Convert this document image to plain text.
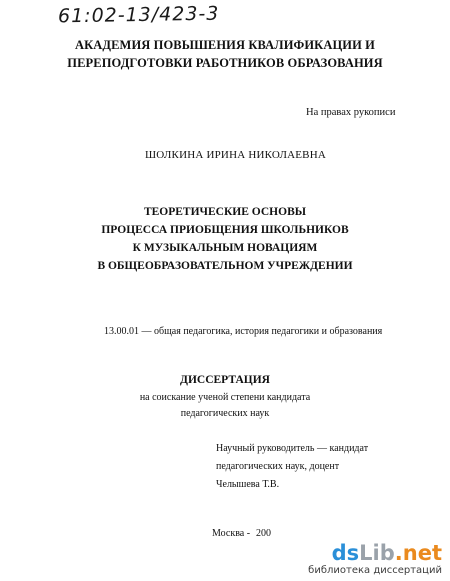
61:02-13/423-3
АКАДЕМИЯ ПОВЫШЕНИЯ КВАЛИФИКАЦИИ И
ПЕРЕПОДГОТОВКИ РАБОТНИКОВ ОБРАЗОВАНИЯ
На правах рукописи
ШОЛКИНА ИРИНА НИКОЛАЕВНА
ТЕОРЕТИЧЕСКИЕ ОСНОВЫ
ПРОЦЕССА ПРИОБЩЕНИЯ ШКОЛЬНИКОВ
К МУЗЫКАЛЬНЫМ НОВАЦИЯМ
В ОБЩЕОБРАЗОВАТЕЛЬНОМ УЧРЕЖДЕНИИ
13.00.01 — общая педагогика, история педагогики и образования
ДИССЕРТАЦИЯ
на соискание ученой степени кандидата
педагогических наук
Научный руководитель — кандидат
педагогических наук, доцент
Челышева Т.В.
Москва - 200
dsLib.net
библиотека диссертаций
